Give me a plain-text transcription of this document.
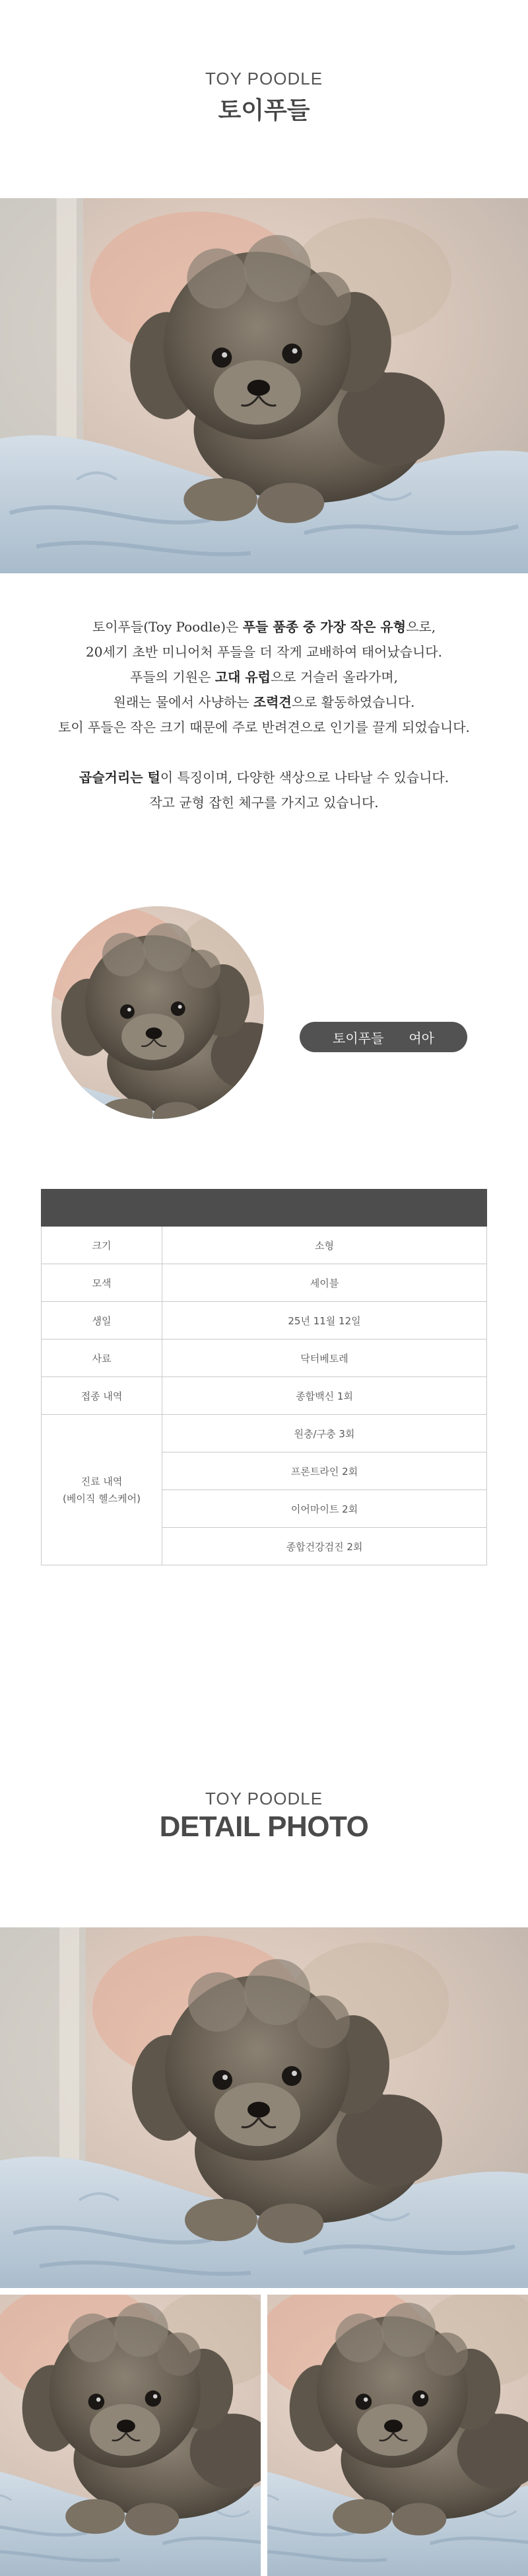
TOY POODLE
토이푸들

토이푸들(Toy Poodle)은 푸들 품종 중 가장 작은 유형으로,

20세기 초반 미니어처 푸들을 더 작게 교배하여 태어났습니다.

푸들의 기원은 고대 유럽으로 거슬러 올라가며,

원래는 물에서 사냥하는 조력견으로 활동하였습니다.

토이 푸들은 작은 크기 때문에 주로 반려견으로 인기를 끌게 되었습니다.

곱슬거리는 털이 특징이며, 다양한 색상으로 나타날 수 있습니다.

작고 균형 잡힌 체구를 가지고 있습니다.

토이푸들 여아

크기	소형
모색	세이블
생일	25년 11월 12일
사료	닥터베토레
접종 내역	종합백신 1회
진료 내역
(베이직 헬스케어)	원충/구충 3회
	프론트라인 2회
	이어마이트 2회
	종합건강검진 2회
TOY POODLE
DETAIL PHOTO
